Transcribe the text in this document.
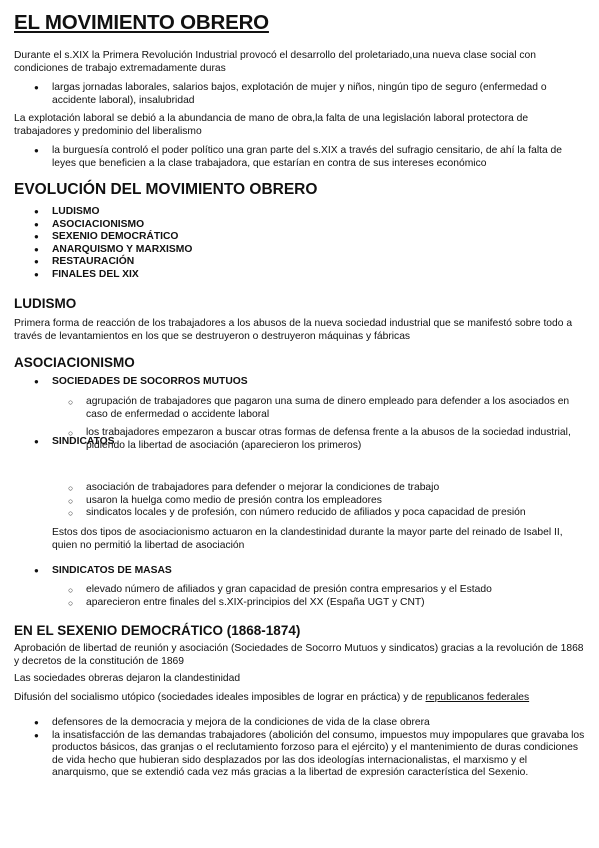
EL MOVIMIENTO OBRERO

Durante el s.XIX la Primera Revolución Industrial provocó el desarrollo del proletariado,una nueva clase social con condiciones de trabajo extremadamente duras

● largas jornadas laborales, salarios bajos, explotación de mujer y niños, ningún tipo de seguro (enfermedad o accidente laboral), insalubridad

La explotación laboral se debió a la abundancia de mano de obra,la falta de una legislación laboral protectora de trabajadores y predominio del liberalismo

● la burguesía controló el poder político una gran parte del s.XIX a través del sufragio censitario, de ahí la falta de leyes que beneficien a la clase trabajadora, que estarían en contra de sus intereses económico
EVOLUCIÓN DEL MOVIMIENTO OBRERO
● LUDISMO
● ASOCIACIONISMO
● SEXENIO DEMOCRÁTICO
● ANARQUISMO Y MARXISMO
● RESTAURACIÓN
● FINALES DEL XIX
LUDISMO

Primera forma de reacción de los trabajadores a los abusos de la nueva sociedad industrial que se manifestó sobre todo a través de levantamientos en los que se destruyeron o destruyeron máquinas y fábricas

ASOCIACIONISMO
● SOCIEDADES DE SOCORROS MUTUOS
○ agrupación de trabajadores que pagaron una suma de dinero empleado para defender a los asociados en caso de enfermedad o accidente laboral
○ los trabajadores empezaron a buscar otras formas de defensa frente a la abusos de la sociedad industrial, pidiendo la libertad de asociación (aparecieron los primeros)
● SINDICATOS
○ asociación de trabajadores para defender o mejorar la condiciones de trabajo
○ usaron la huelga como medio de presión contra los empleadores
○ sindicatos locales y de profesión, con número reducido de afiliados y poca capacidad de presión

Estos dos tipos de asociacionismo actuaron en la clandestinidad durante la mayor parte del reinado de Isabel II, quien no permitió la libertad de asociación

● SINDICATOS DE MASAS
○ elevado número de afiliados y gran capacidad de presión contra empresarios y el Estado
○ aparecieron entre finales del s.XIX-principios del XX (España UGT y CNT)
EN EL SEXENIO DEMOCRÁTICO (1868-1874)

Aprobación de libertad de reunión y asociación (Sociedades de Socorro Mutuos y sindicatos) gracias a la revolución de 1868 y decretos de la constitución de 1869

Las sociedades obreras dejaron la clandestinidad

Difusión del socialismo utópico (sociedades ideales imposibles de lograr en práctica) y de republicanos federales

● defensores de la democracia y mejora de la condiciones de vida de la clase obrera
● la insatisfacción de las demandas trabajadores (abolición del consumo, impuestos muy impopulares que gravaba los productos básicos, das granjas o el reclutamiento forzoso para el ejército) y el mantenimiento de duras condiciones de vida hecho que hubieran sido desplazados por las dos ideologías internacionalistas, el marxismo y el anarquismo, que se extendió cada vez más gracias a la libertad de expresión característica del Sexenio.
